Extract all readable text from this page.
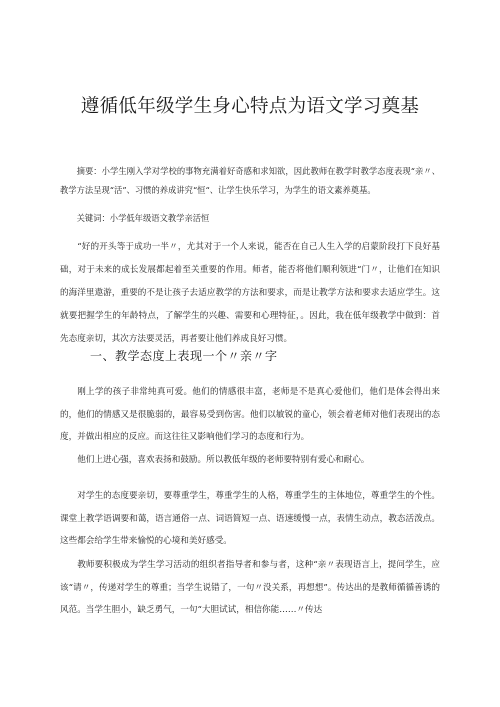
遵循低年级学生身心特点为语文学习奠基

摘要：小学生刚入学对学校的事物充满着好奇感和求知欲，因此教师在教学时教学态度表现“亲〃、教学方法呈现“活”、习惯的养成讲究“恒“、让学生快乐学习，为学生的语文素养奠基。

关键词：小学低年级语文教学亲活恒

“好的开头等于成功一半〃，尤其对于一个人来说，能否在自己人生入学的启蒙阶段打下良好基础，对于未来的成长发展都起着至关重要的作用。师者，能否将他们顺利领进“门〃，让他们在知识的海洋里遨游，重要的不是让孩子去适应教学的方法和要求，而是让教学方法和要求去适应学生。这就要把握学生的年龄特点，了解学生的兴趣、需要和心理特征，。因此，我在低年级教学中做到：首先态度亲切，其次方法要灵活，再者要让他们养成良好习惯。

一、教学态度上表现一个〃亲〃字

刚上学的孩子非常纯真可爱。他们的情感很丰富，老师是不是真心爱他们，他们是体会得出来的，他们的情感又是很脆弱的，最容易受到伤害。他们以敏锐的童心，领会着老师对他们表现出的态度，并做出相应的反应。而这往往又影响他们学习的态度和行为。

他们上进心强，喜欢表扬和鼓励。所以教低年级的老师要特别有爱心和耐心。

对学生的态度要亲切，要尊重学生，尊重学生的人格，尊重学生的主体地位，尊重学生的个性。课堂上教学语调要和蔼，语言通俗一点、词语简短一点、语速缓慢一点，表情生动点，教态活泼点。这些都会给学生带来愉悦的心境和美好感受。

教师要积极成为学生学习活动的组织者指导者和参与者，这种“亲〃表现语言上，提问学生，应该“请〃，传递对学生的尊重；当学生说错了，一句〃没关系，再想想”。传达出的是教师循循善诱的风范。当学生胆小，缺乏勇气，一句“大胆试试，相信你能……〃传达
